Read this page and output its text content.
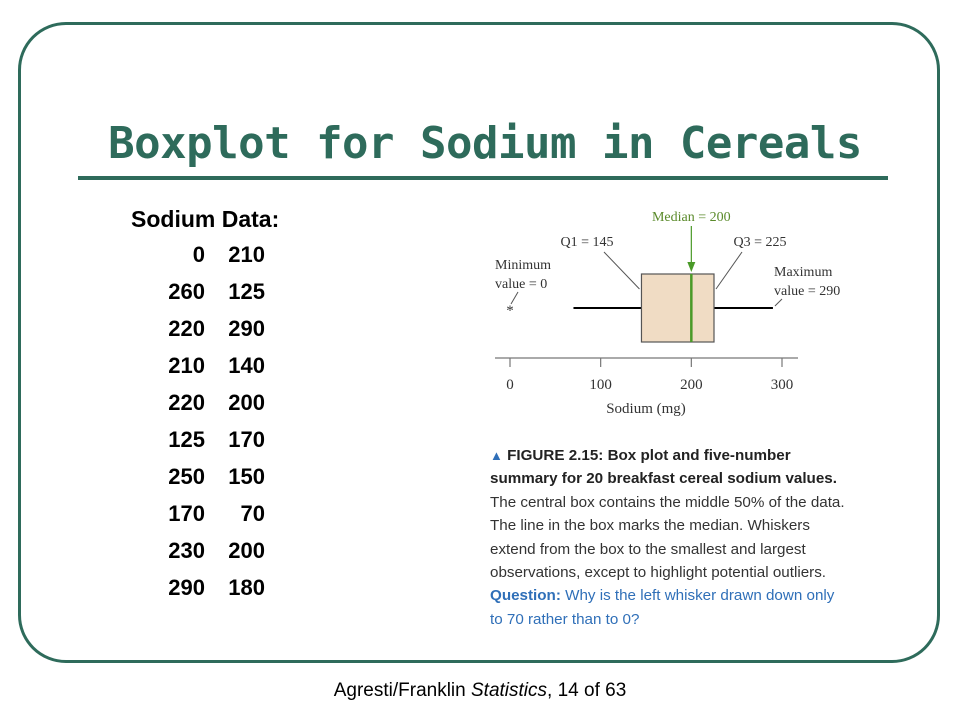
Boxplot for Sodium in Cereals
Sodium Data:
0	210
260	125
220	290
210	140
220	200
125	170
250	150
170	70
230	200
290	180
0	100	200	300
Sodium (mg)
*
Median = 200
Q1 = 145	Q3 = 225
Minimum
value = 0
Maximum
value = 290
▲ FIGURE 2.15: Box plot and five-number summary for 20 breakfast cereal sodium values. The central box contains the middle 50% of the data. The line in the box marks the median. Whiskers extend from the box to the smallest and largest observations, except to highlight potential outliers. Question: Why is the left whisker drawn down only to 70 rather than to 0?
Agresti/Franklin Statistics, 14 of 63
